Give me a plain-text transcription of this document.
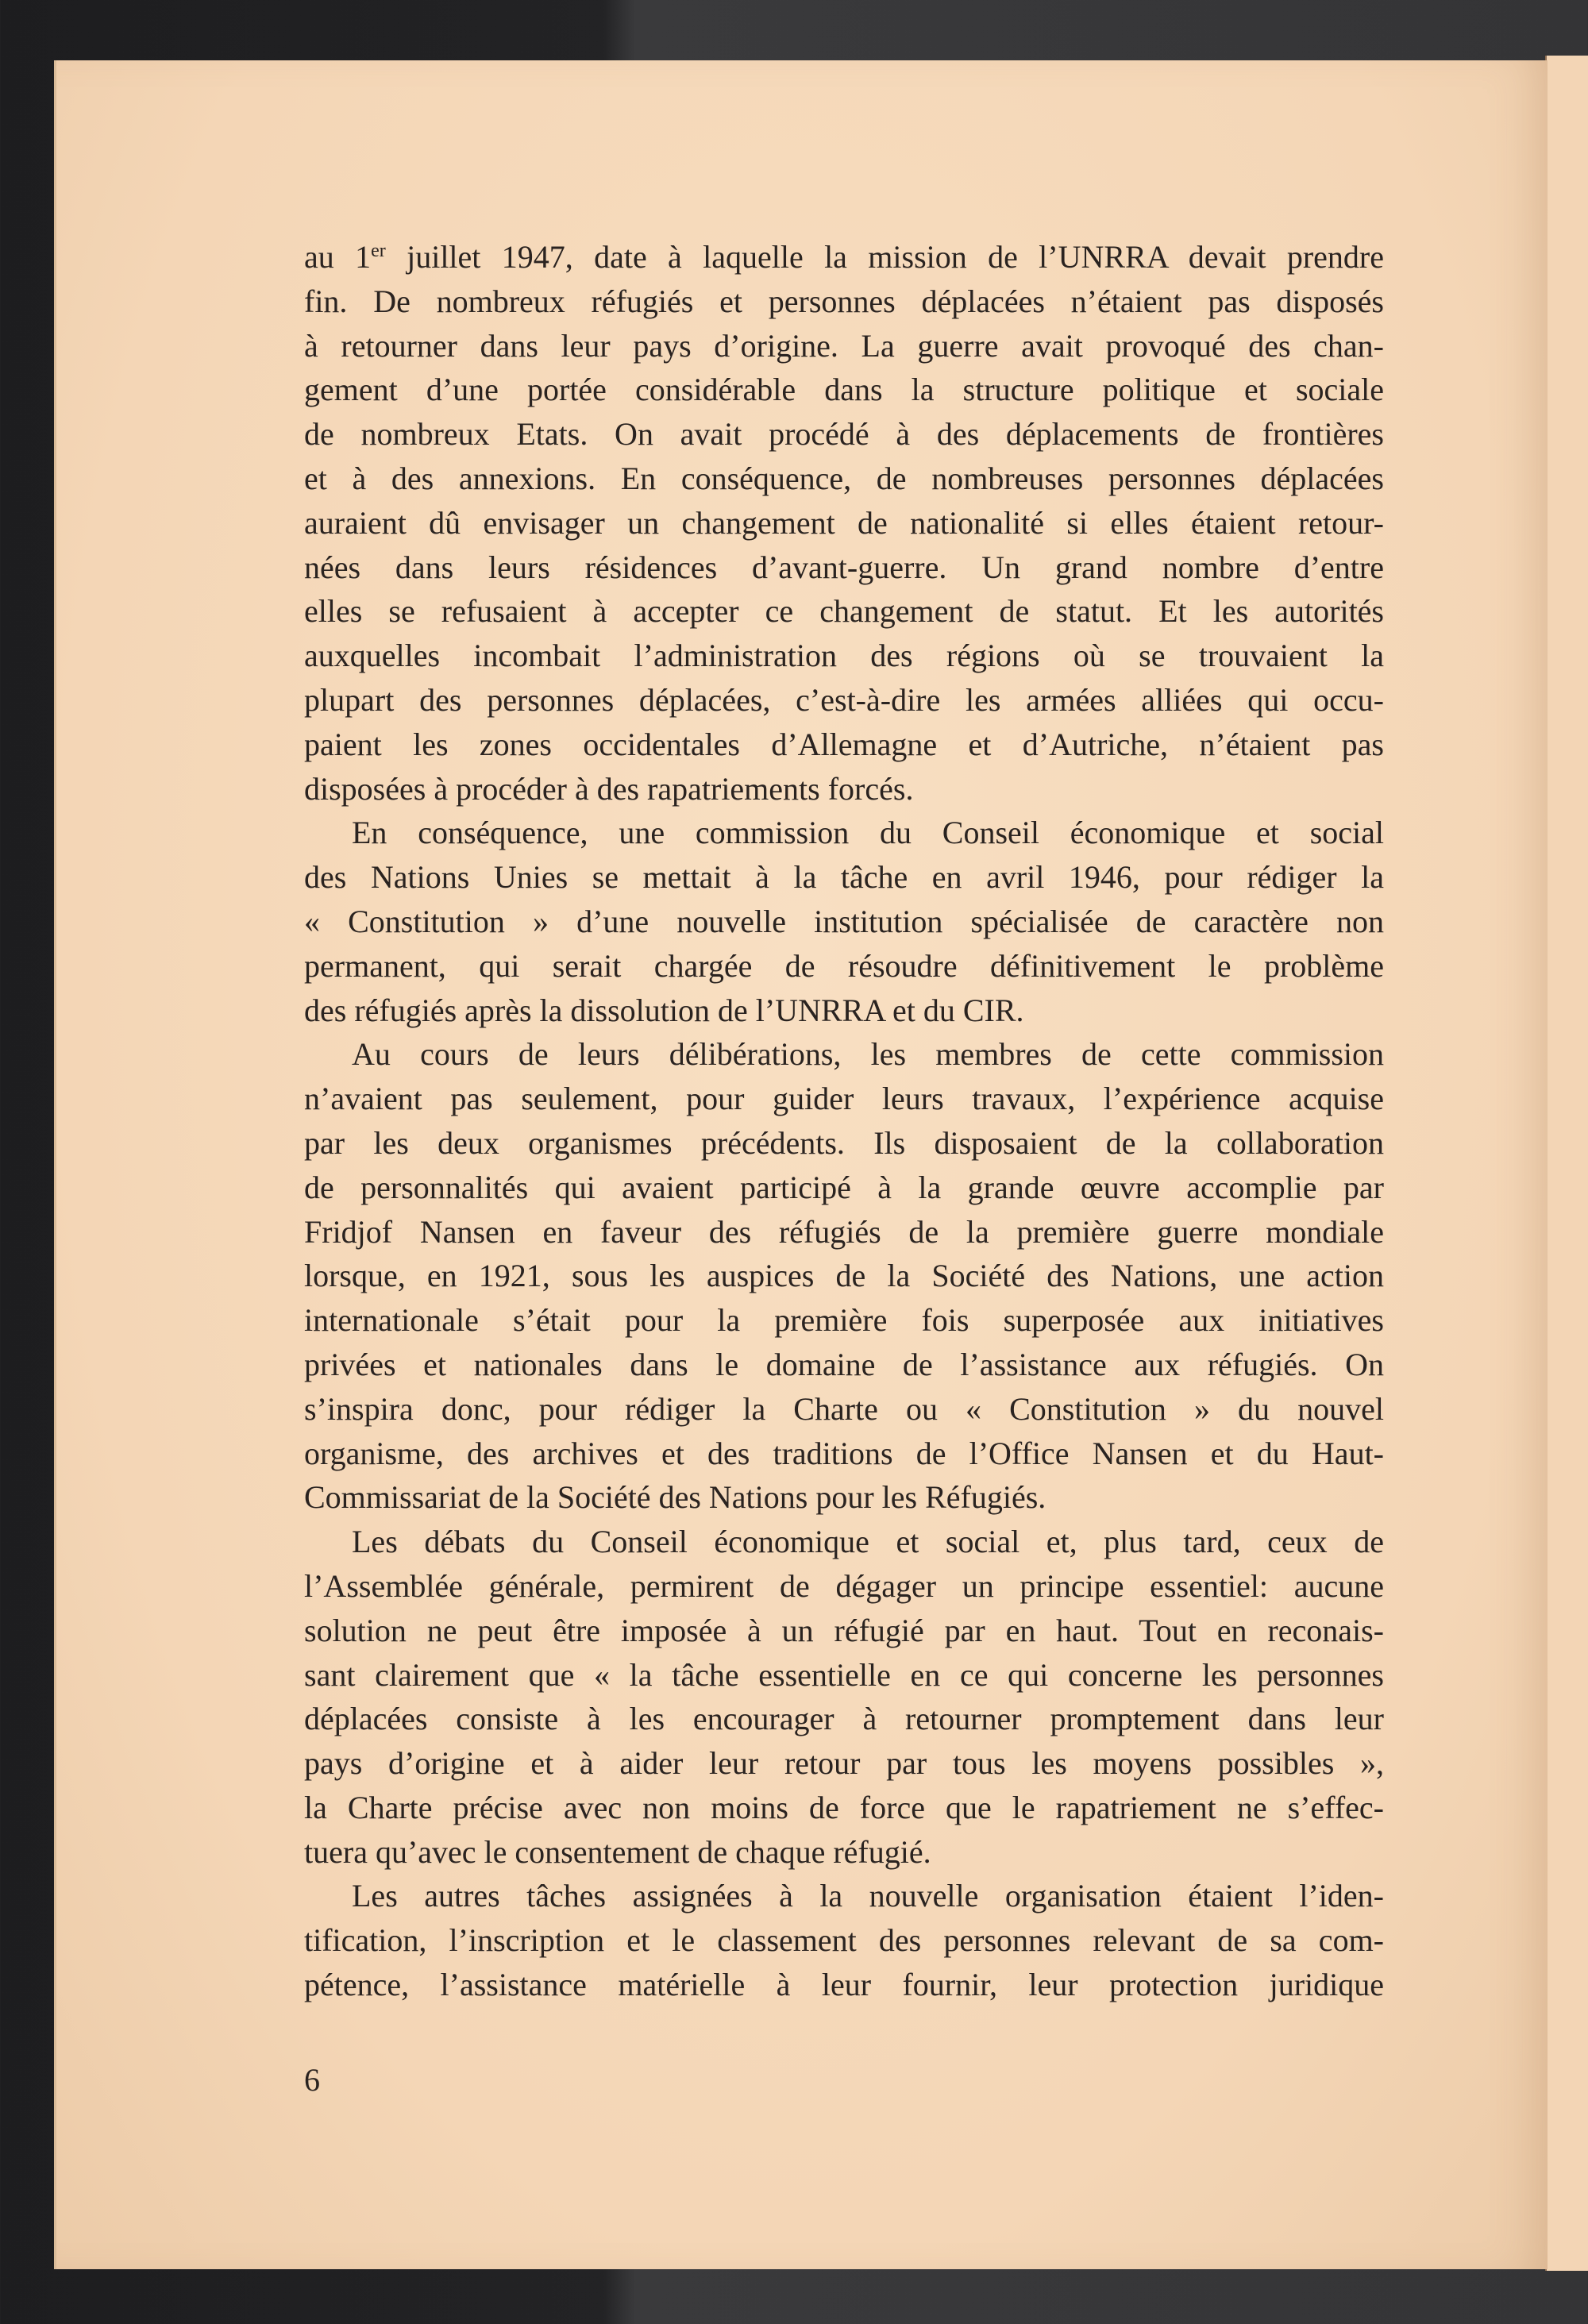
au 1er juillet 1947, date à laquelle la mission de l’UNRRA devait prendre
fin. De nombreux réfugiés et personnes déplacées n’étaient pas disposés
à retourner dans leur pays d’origine. La guerre avait provoqué des chan-
gement d’une portée considérable dans la structure politique et sociale
de nombreux Etats. On avait procédé à des déplacements de frontières
et à des annexions. En conséquence, de nombreuses personnes déplacées
auraient dû envisager un changement de nationalité si elles étaient retour-
nées dans leurs résidences d’avant-guerre. Un grand nombre d’entre
elles se refusaient à accepter ce changement de statut. Et les autorités
auxquelles incombait l’administration des régions où se trouvaient la
plupart des personnes déplacées, c’est-à-dire les armées alliées qui occu-
paient les zones occidentales d’Allemagne et d’Autriche, n’étaient pas
disposées à procéder à des rapatriements forcés.
En conséquence, une commission du Conseil économique et social
des Nations Unies se mettait à la tâche en avril 1946, pour rédiger la
« Constitution » d’une nouvelle institution spécialisée de caractère non
permanent, qui serait chargée de résoudre définitivement le problème
des réfugiés après la dissolution de l’UNRRA et du CIR.
Au cours de leurs délibérations, les membres de cette commission
n’avaient pas seulement, pour guider leurs travaux, l’expérience acquise
par les deux organismes précédents. Ils disposaient de la collaboration
de personnalités qui avaient participé à la grande œuvre accomplie par
Fridjof Nansen en faveur des réfugiés de la première guerre mondiale
lorsque, en 1921, sous les auspices de la Société des Nations, une action
internationale s’était pour la première fois superposée aux initiatives
privées et nationales dans le domaine de l’assistance aux réfugiés. On
s’inspira donc, pour rédiger la Charte ou « Constitution » du nouvel
organisme, des archives et des traditions de l’Office Nansen et du Haut-
Commissariat de la Société des Nations pour les Réfugiés.
Les débats du Conseil économique et social et, plus tard, ceux de
l’Assemblée générale, permirent de dégager un principe essentiel: aucune
solution ne peut être imposée à un réfugié par en haut. Tout en reconais-
sant clairement que « la tâche essentielle en ce qui concerne les personnes
déplacées consiste à les encourager à retourner promptement dans leur
pays d’origine et à aider leur retour par tous les moyens possibles »,
la Charte précise avec non moins de force que le rapatriement ne s’effec-
tuera qu’avec le consentement de chaque réfugié.
Les autres tâches assignées à la nouvelle organisation étaient l’iden-
tification, l’inscription et le classement des personnes relevant de sa com-
pétence, l’assistance matérielle à leur fournir, leur protection juridique
6
